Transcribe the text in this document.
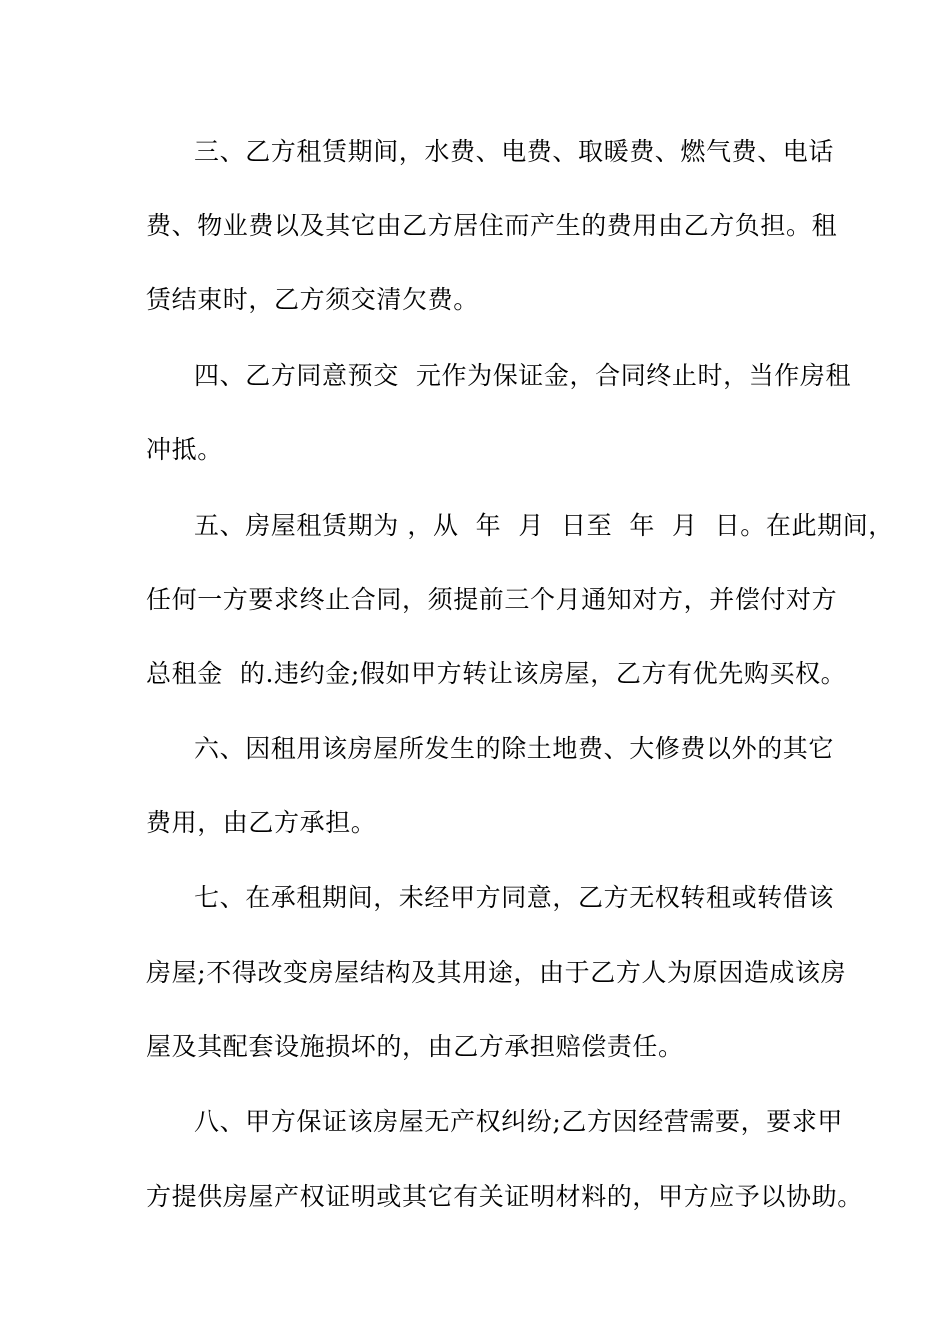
三、乙方租赁期间，水费、电费、取暖费、燃气费、电话
费、物业费以及其它由乙方居住而产生的费用由乙方负担。租
赁结束时，乙方须交清欠费。
四、乙方同意预交  元作为保证金，合同终止时，当作房租
冲抵。
五、房屋租赁期为 ，从  年  月  日至  年  月  日。在此期间，
任何一方要求终止合同，须提前三个月通知对方，并偿付对方
总租金  的.违约金;假如甲方转让该房屋，乙方有优先购买权。
六、因租用该房屋所发生的除土地费、大修费以外的其它
费用，由乙方承担。
七、在承租期间，未经甲方同意，乙方无权转租或转借该
房屋;不得改变房屋结构及其用途，由于乙方人为原因造成该房
屋及其配套设施损坏的，由乙方承担赔偿责任。
八、甲方保证该房屋无产权纠纷;乙方因经营需要，要求甲
方提供房屋产权证明或其它有关证明材料的，甲方应予以协助。
